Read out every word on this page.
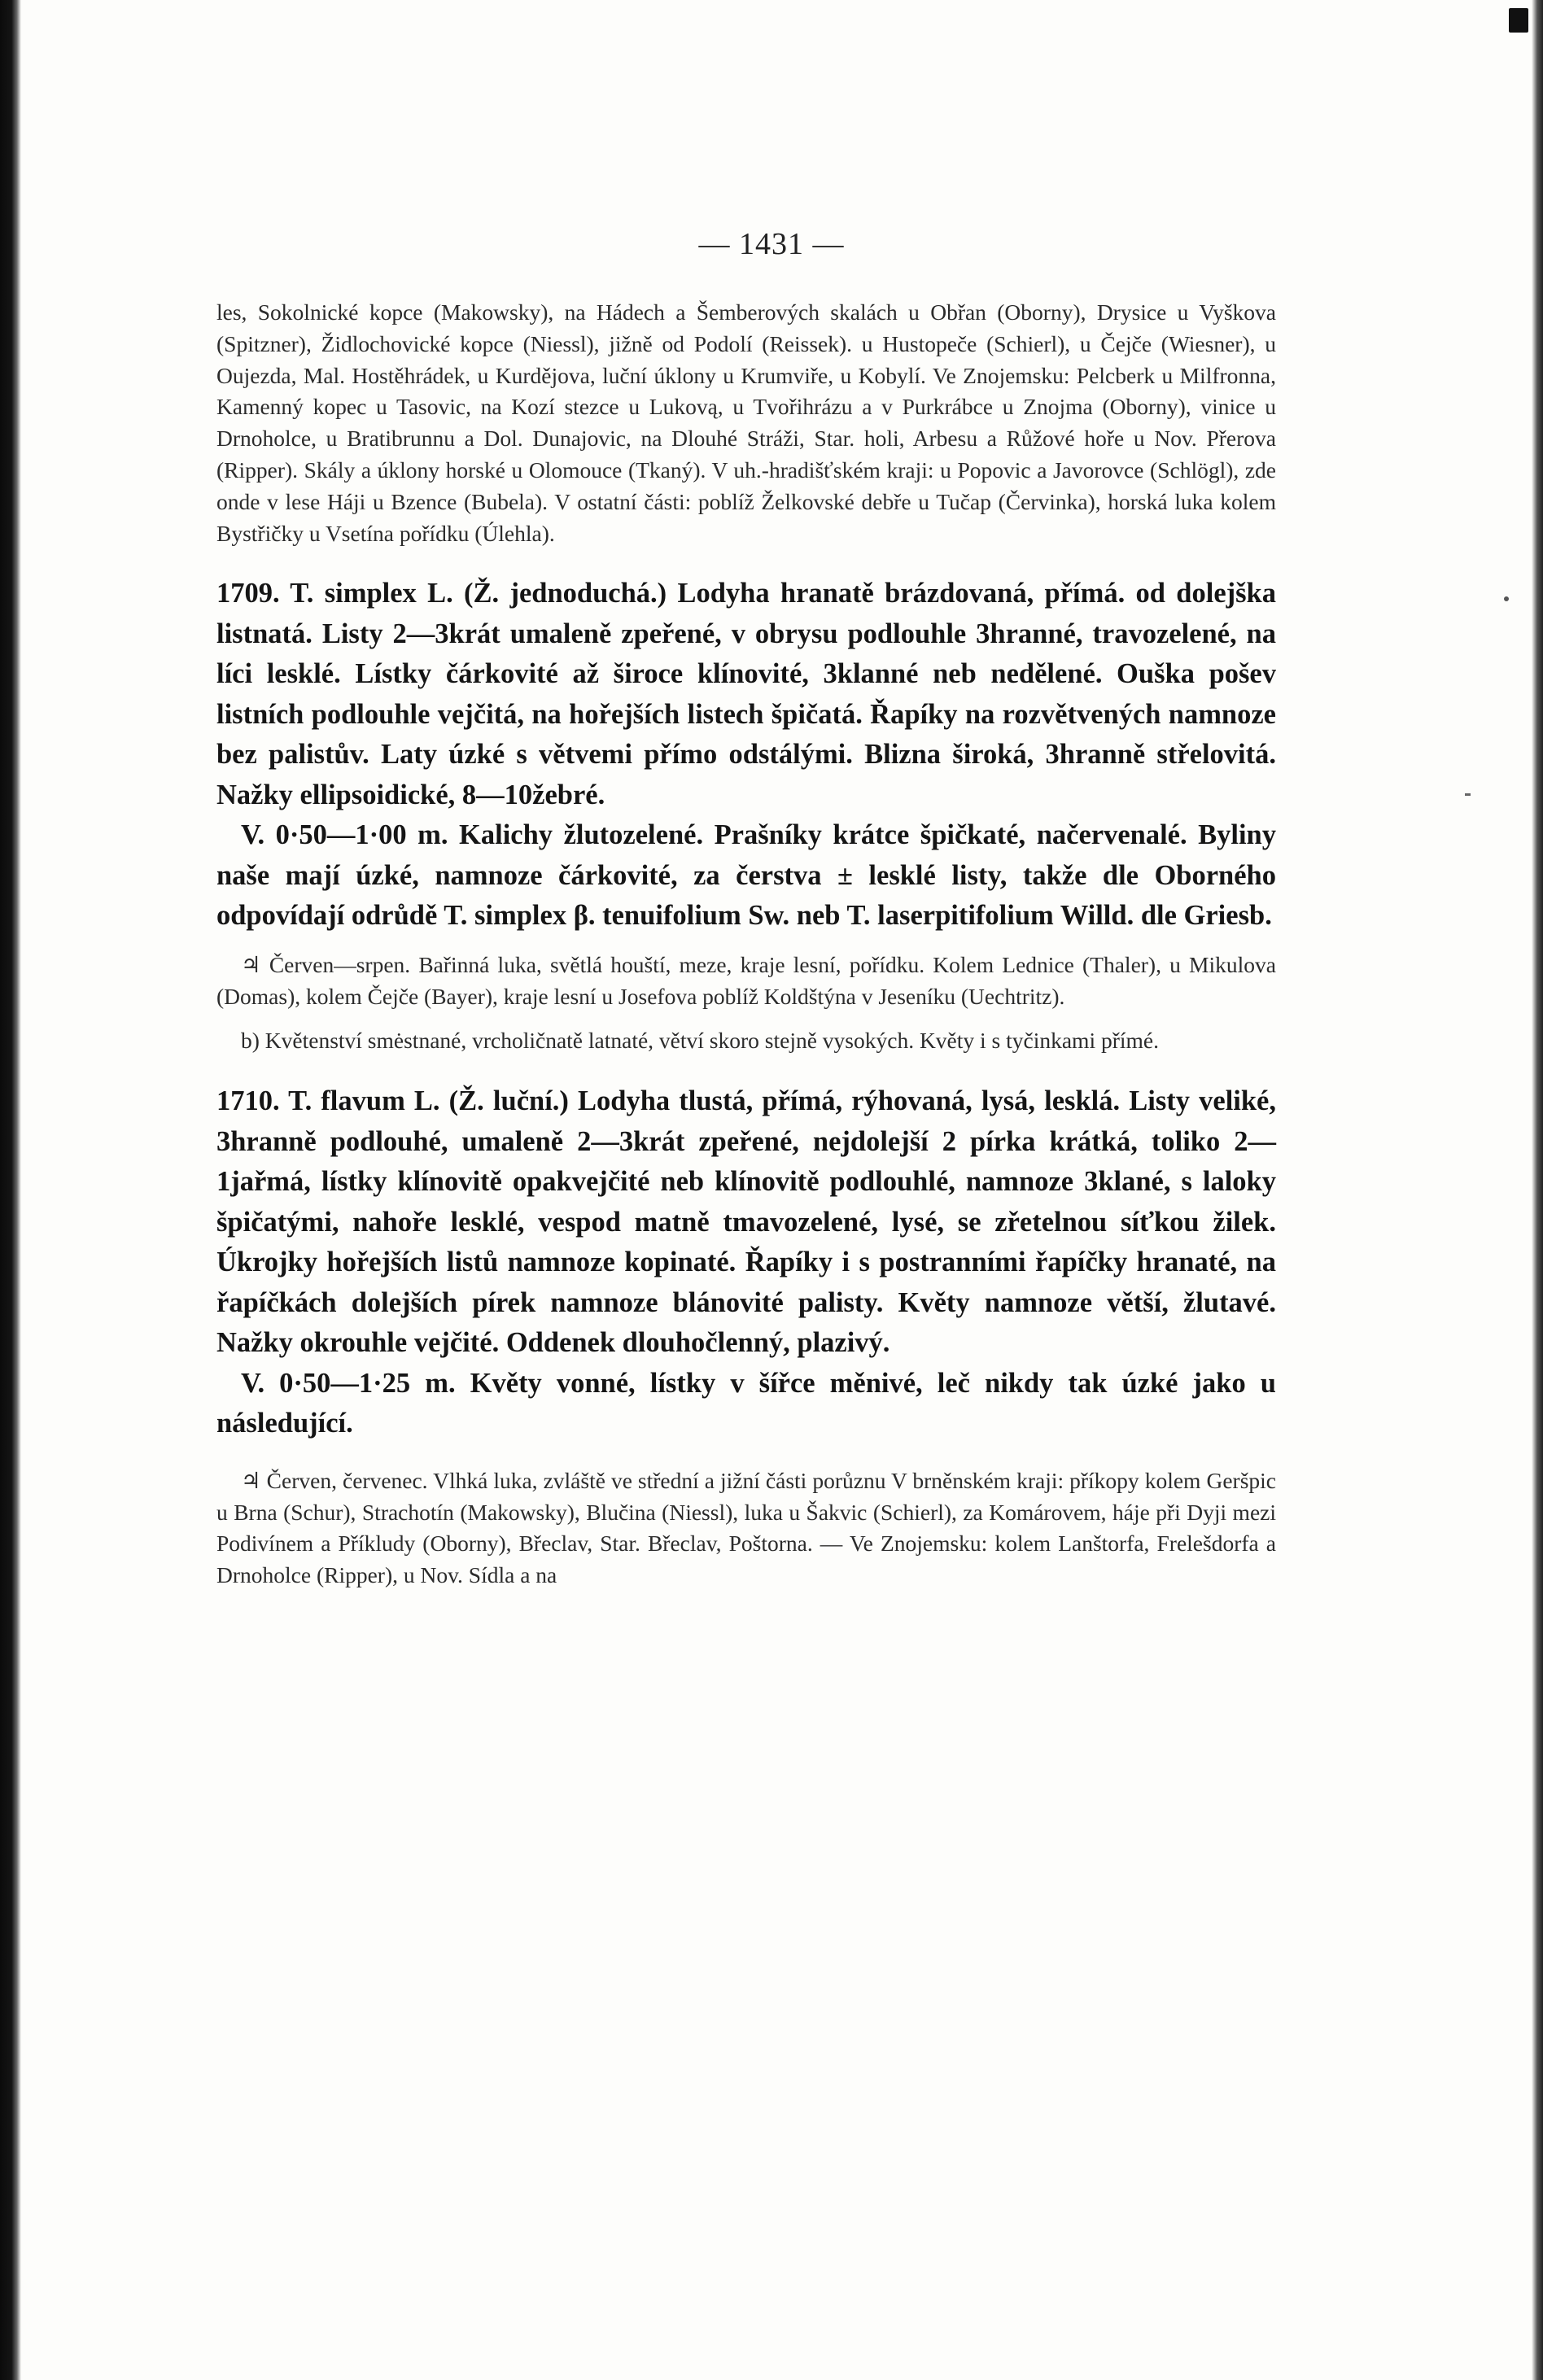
— 1431 —

les, Sokolnické kopce (Makowsky), na Hádech a Šemberových skalách u Obřan (Oborny), Drysice u Vyškova (Spitzner), Židlochovické kopce (Niessl), jižně od Podolí (Reissek). u Hustopeče (Schierl), u Čejče (Wiesner), u Oujezda, Mal. Hostěhrádek, u Kurdějova, luční úklony u Krumviře, u Kobylí. Ve Znojemsku: Pelcberk u Milfronna, Kamenný kopec u Tasovic, na Kozí stezce u Lukovą, u Tvořihrázu a v Purkrábce u Znojma (Oborny), vinice u Drnoholce, u Bratibrunnu a Dol. Dunajovic, na Dlouhé Stráži, Star. holi, Arbesu a Růžové hoře u Nov. Přerova (Ripper). Skály a úklony horské u Olomouce (Tkaný). V uh.-hradišťském kraji: u Popovic a Javorovce (Schlögl), zde onde v lese Háji u Bzence (Bubela). V ostatní části: poblíž Želkovské debře u Tučap (Červinka), horská luka kolem Bystřičky u Vsetína pořídku (Úlehla).

1709. T. simplex L. (Ž. jednoduchá.) Lodyha hranatě brázdovaná, přímá. od dolejška listnatá. Listy 2—3krát umaleně zpeřené, v obrysu podlouhle 3hranné, travozelené, na líci lesklé. Lístky čárkovité až široce klínovité, 3klanné neb nedělené. Ouška pošev listních podlouhle vejčitá, na hořejších listech špičatá. Řapíky na rozvětvených namnoze bez palistův. Laty úzké s větvemi přímo odstálými. Blizna široká, 3hranně střelovitá. Nažky ellipsoidické, 8—10žebré.

V. 0·50—1·00 m. Kalichy žlutozelené. Prašníky krátce špičkaté, načervenalé. Byliny naše mají úzké, namnoze čárkovité, za čerstva ± lesklé listy, takže dle Oborného odpovídají odrůdě T. simplex β. tenuifolium Sw. neb T. laserpitifolium Willd. dle Griesb.

♃ Červen—srpen. Bařinná luka, světlá houští, meze, kraje lesní, pořídku. Kolem Lednice (Thaler), u Mikulova (Domas), kolem Čejče (Bayer), kraje lesní u Josefova poblíž Koldštýna v Jeseníku (Uechtritz).

b) Květenství smėstnané, vrcholičnatě latnaté, větví skoro stejně vysokých. Květy i s tyčinkami přímé.

1710. T. flavum L. (Ž. luční.) Lodyha tlustá, přímá, rýhovaná, lysá, lesklá. Listy veliké, 3hranně podlouhé, umaleně 2—3krát zpeřené, nejdolejší 2 pírka krátká, toliko 2—1jařmá, lístky klínovitě opakvejčité neb klínovitě podlouhlé, namnoze 3klané, s laloky špičatými, nahoře lesklé, vespod matně tmavozelené, lysé, se zřetelnou síťkou žilek. Úkrojky hořejších listů namnoze kopinaté. Řapíky i s postranními řapíčky hranaté, na řapíčkách dolejších pírek namnoze blánovité palisty. Květy namnoze větší, žlutavé. Nažky okrouhle vejčité. Oddenek dlouhočlenný, plazivý.

V. 0·50—1·25 m. Květy vonné, lístky v šířce měnivé, leč nikdy tak úzké jako u následující.

♃ Červen, červenec. Vlhká luka, zvláště ve střední a jižní části porůznu V brněnském kraji: příkopy kolem Geršpic u Brna (Schur), Strachotín (Makowsky), Blučina (Niessl), luka u Šakvic (Schierl), za Komárovem, háje při Dyji mezi Podivínem a Příkludy (Oborny), Břeclav, Star. Břeclav, Poštorna. — Ve Znojemsku: kolem Lanštorfa, Frelešdorfa a Drnoholce (Ripper), u Nov. Sídla a na
